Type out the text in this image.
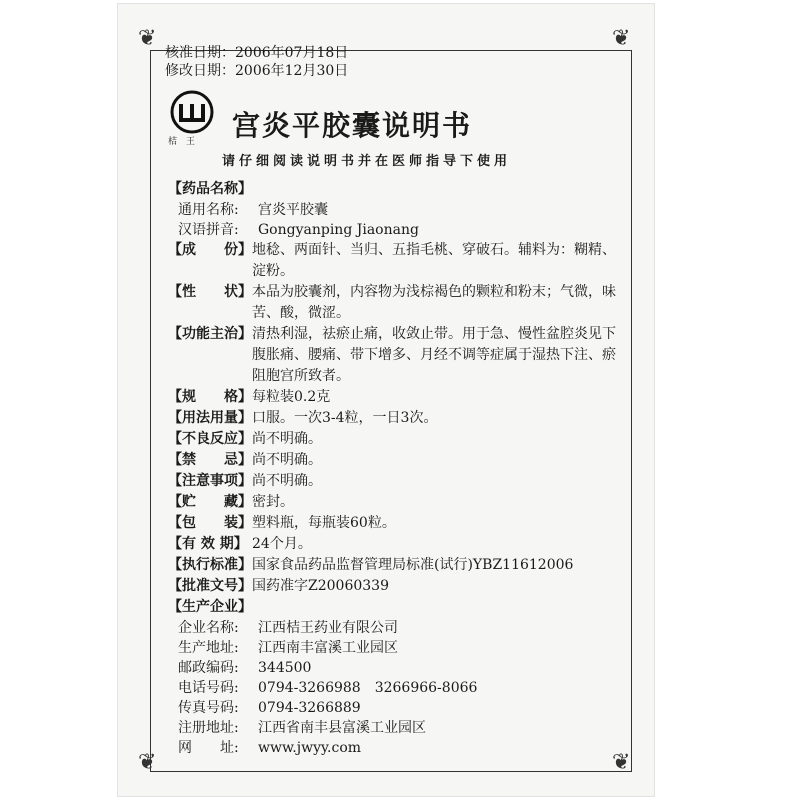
❦	❦
❦	❦
核准日期：2006年07月18日
修改日期：2006年12月30日
桔 王 宫炎平胶囊说明书
请仔细阅读说明书并在医师指导下使用
【药品名称】
通用名称:	宫炎平胶囊
汉语拼音:	Gongyanping Jiaonang
【成　　份】 地稔、两面针、当归、五指毛桃、穿破石。辅料为：糊精、淀粉。
【性　　状】 本品为胶囊剂，内容物为浅棕褐色的颗粒和粉末；气微，味苦、酸，微涩。
【功能主治】 清热利湿，祛瘀止痛，收敛止带。用于急、慢性盆腔炎见下腹胀痛、腰痛、带下增多、月经不调等症属于湿热下注、瘀阻胞宫所致者。
【规　　格】 每粒装0.2克
【用法用量】 口服。一次3-4粒，一日3次。
【不良反应】 尚不明确。
【禁　　忌】 尚不明确。
【注意事项】 尚不明确。
【贮　　藏】 密封。
【包　　装】 塑料瓶，每瓶装60粒。
【有 效 期】 24个月。
【执行标准】 国家食品药品监督管理局标准(试行)YBZ11612006
【批准文号】 国药准字Z20060339
【生产企业】
企业名称:	江西桔王药业有限公司
生产地址:	江西南丰富溪工业园区
邮政编码:	344500
电话号码:	0794-3266988　3266966-8066
传真号码:	0794-3266889
注册地址:	江西省南丰县富溪工业园区
网　　址:	www.jwyy.com
